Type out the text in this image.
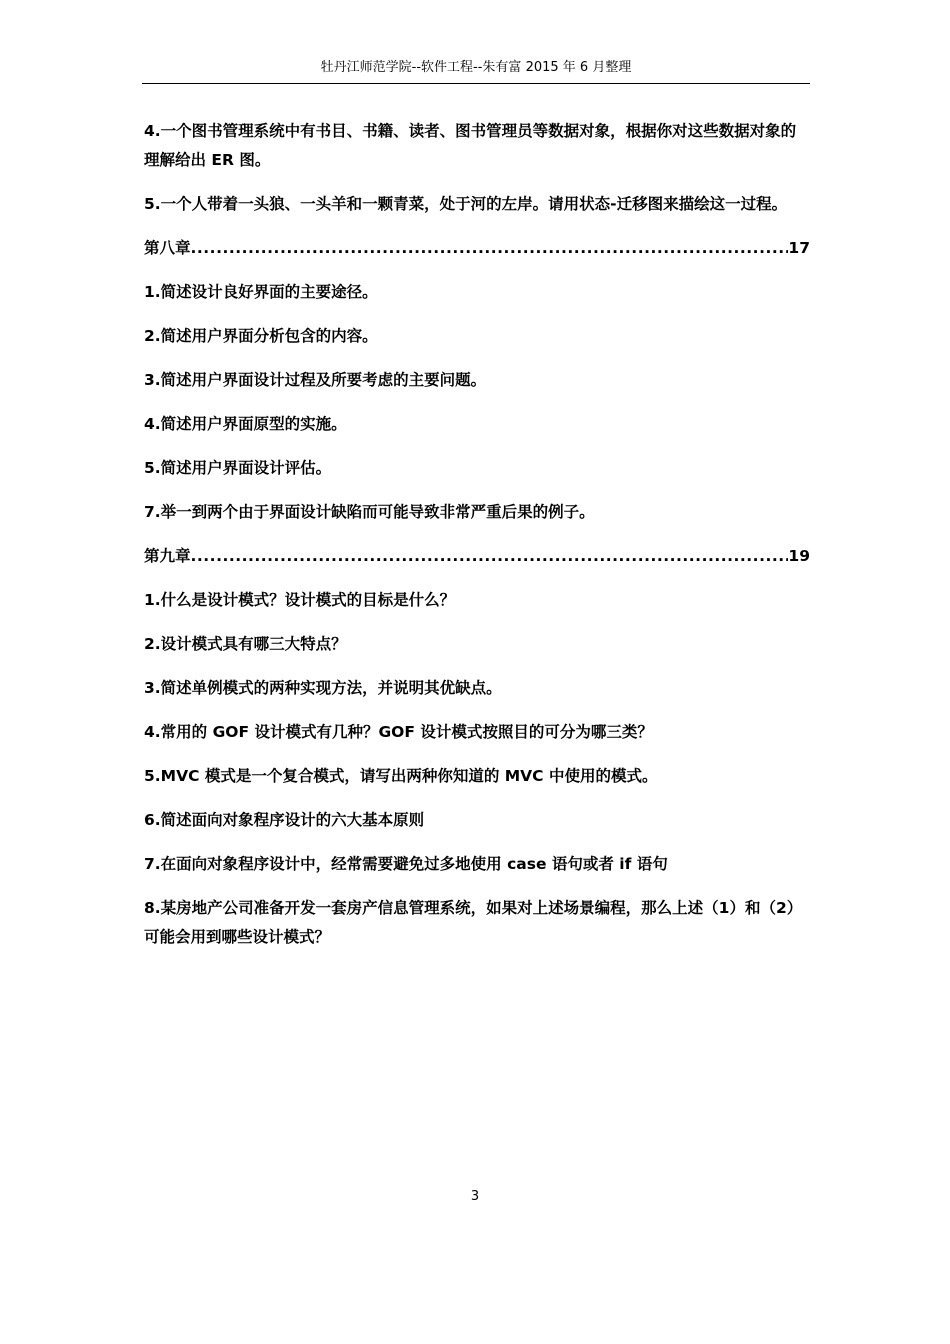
牡丹江师范学院--软件工程--朱有富 2015 年 6 月整理

4.一个图书管理系统中有书目、书籍、读者、图书管理员等数据对象，根据你对这些数据对象的理解给出 ER 图。

5.一个人带着一头狼、一头羊和一颗青菜，处于河的左岸。请用状态-迁移图来描绘这一过程。

第八章 .....	17

1.简述设计良好界面的主要途径。

2.简述用户界面分析包含的内容。

3.简述用户界面设计过程及所要考虑的主要问题。

4.简述用户界面原型的实施。

5.简述用户界面设计评估。

7.举一到两个由于界面设计缺陷而可能导致非常严重后果的例子。

第九章 .....	19

1.什么是设计模式？设计模式的目标是什么？

2.设计模式具有哪三大特点？

3.简述单例模式的两种实现方法，并说明其优缺点。

4.常用的 GOF 设计模式有几种？GOF 设计模式按照目的可分为哪三类？

5.MVC 模式是一个复合模式，请写出两种你知道的 MVC 中使用的模式。

6.简述面向对象程序设计的六大基本原则

7.在面向对象程序设计中，经常需要避免过多地使用 case 语句或者 if 语句

8.某房地产公司准备开发一套房产信息管理系统，如果对上述场景编程，那么上述（1）和（2）可能会用到哪些设计模式？

3
